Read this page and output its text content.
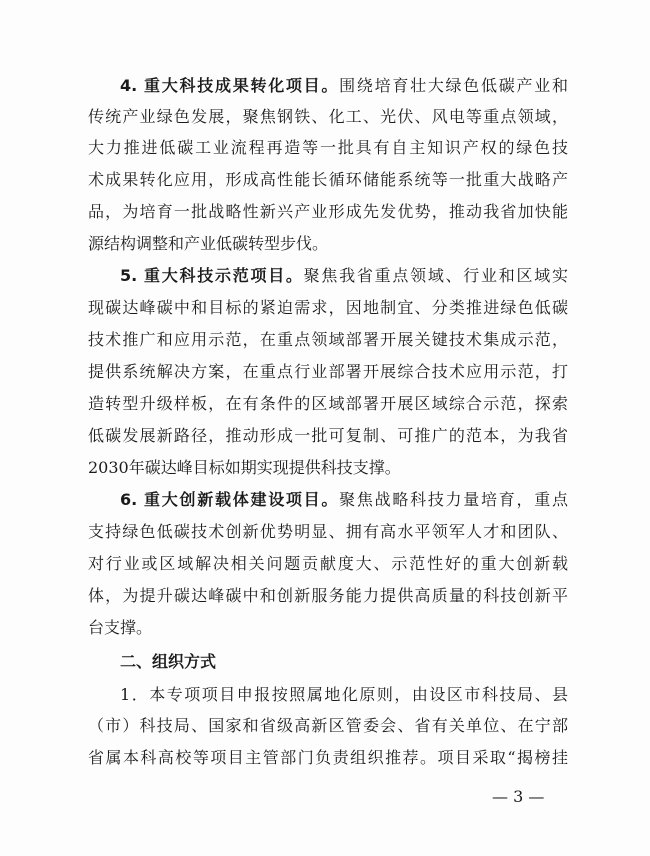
4. 重大科技成果转化项目。围绕培育壮大绿色低碳产业和
传统产业绿色发展，聚焦钢铁、化工、光伏、风电等重点领域，
大力推进低碳工业流程再造等一批具有自主知识产权的绿色技
术成果转化应用，形成高性能长循环储能系统等一批重大战略产
品，为培育一批战略性新兴产业形成先发优势，推动我省加快能
源结构调整和产业低碳转型步伐。
5. 重大科技示范项目。聚焦我省重点领域、行业和区域实
现碳达峰碳中和目标的紧迫需求，因地制宜、分类推进绿色低碳
技术推广和应用示范，在重点领域部署开展关键技术集成示范，
提供系统解决方案，在重点行业部署开展综合技术应用示范，打
造转型升级样板，在有条件的区域部署开展区域综合示范，探索
低碳发展新路径，推动形成一批可复制、可推广的范本，为我省
2030年碳达峰目标如期实现提供科技支撑。
6. 重大创新载体建设项目。聚焦战略科技力量培育，重点
支持绿色低碳技术创新优势明显、拥有高水平领军人才和团队、
对行业或区域解决相关问题贡献度大、示范性好的重大创新载
体，为提升碳达峰碳中和创新服务能力提供高质量的科技创新平
台支撑。
二、组织方式
1．本专项项目申报按照属地化原则，由设区市科技局、县
（市）科技局、国家和省级高新区管委会、省有关单位、在宁部
省属本科高校等项目主管部门负责组织推荐。项目采取“揭榜挂
— 3 —
